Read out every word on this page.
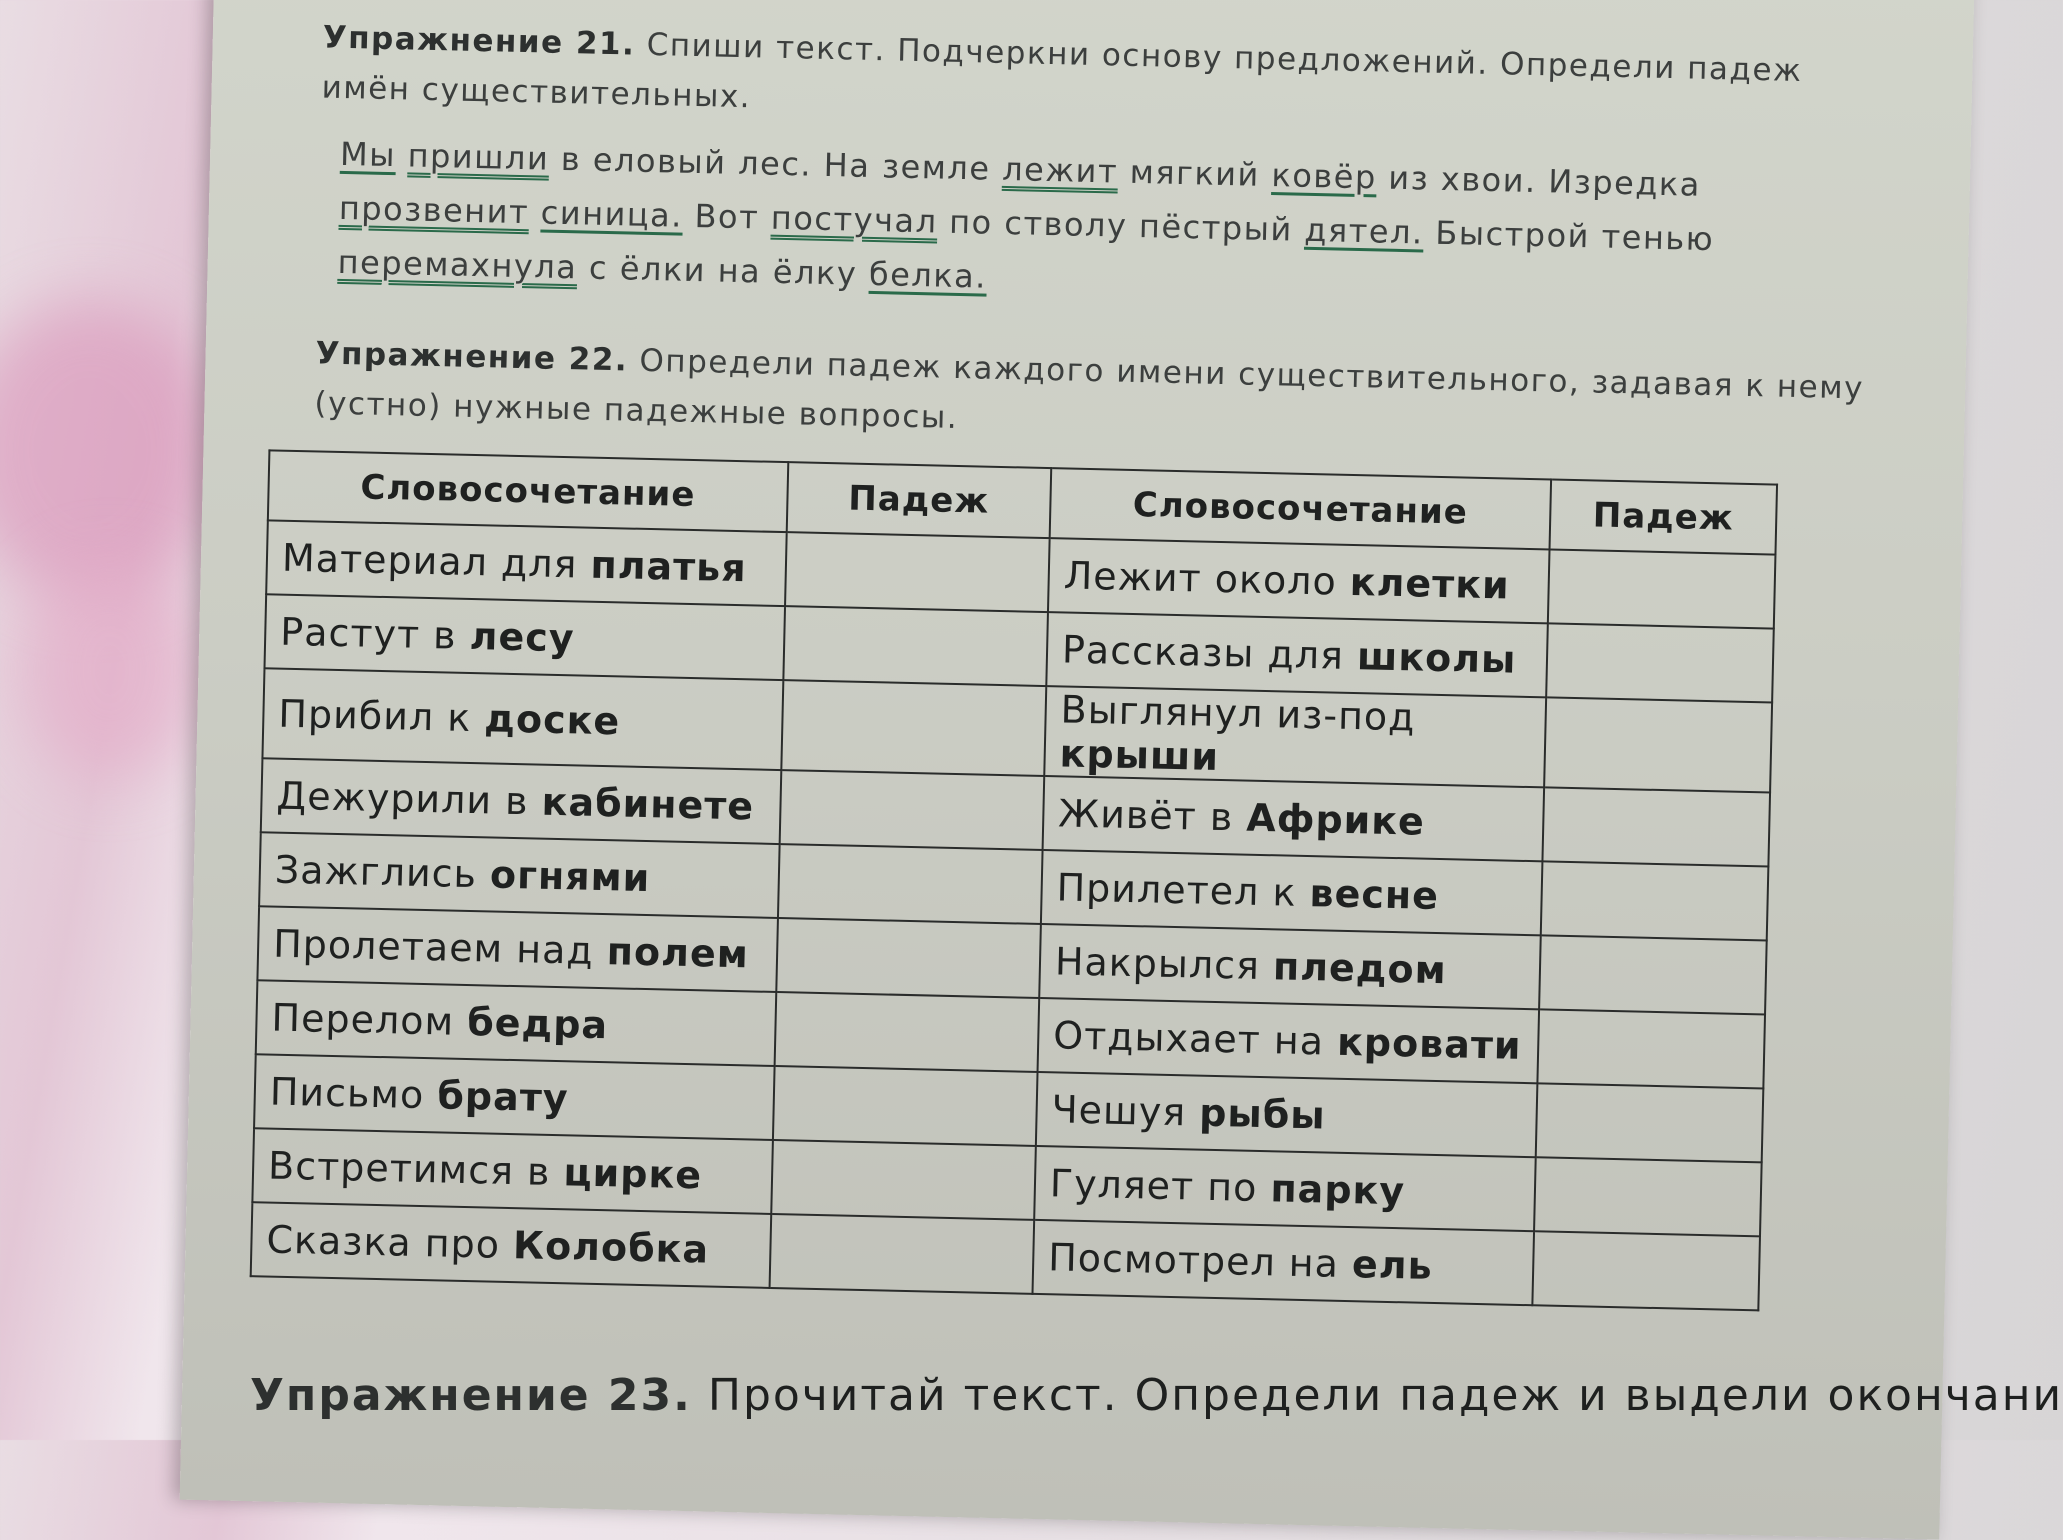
Упражнение 21. Спиши текст. Подчеркни основу предложений. Определи падеж имён существительных.

Мы пришли в еловый лес. На земле лежит мягкий ковёр из хвои. Изредка
прозвенит синица. Вот постучал по стволу пёстрый дятел. Быстрой тенью
перемахнула с ёлки на ёлку белка.

Упражнение 22. Определи падеж каждого имени существительного, задавая к нему (устно) нужные падежные вопросы.

Словосочетание	Падеж	Словосочетание	Падеж
Материал для платья		Лежит около клетки	
Растут в лесу		Рассказы для школы	
Прибил к доске		Выглянул из-под крыши	
Дежурили в кабинете		Живёт в Африке	
Зажглись огнями		Прилетел к весне	
Пролетаем над полем		Накрылся пледом	
Перелом бедра		Отдыхает на кровати	
Письмо брату		Чешуя рыбы	
Встретимся в цирке		Гуляет по парку	
Сказка про Колобка		Посмотрел на ель	
Упражнение 23. Прочитай текст. Определи падеж и выдели окончани
